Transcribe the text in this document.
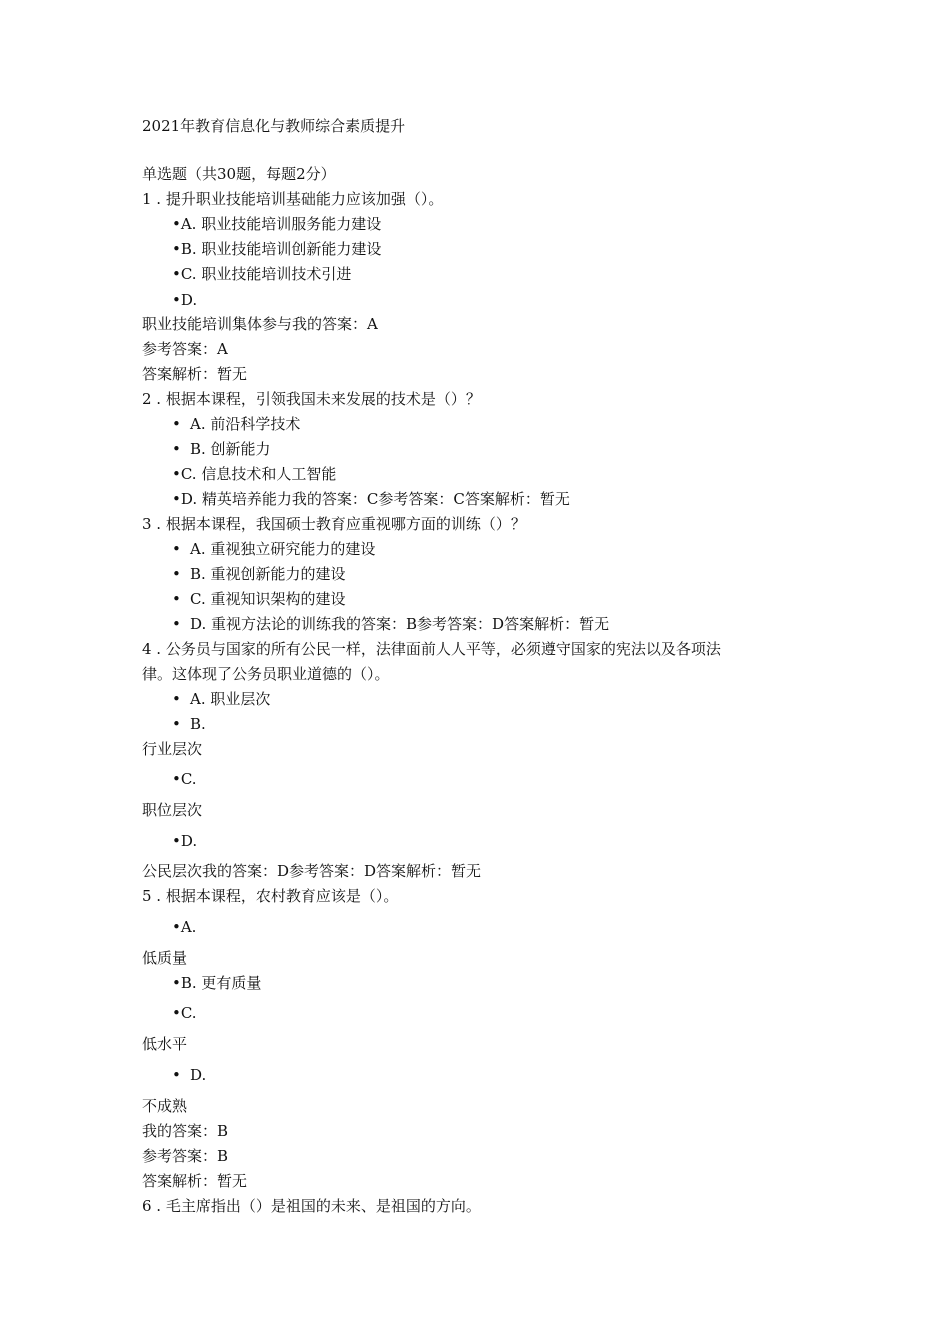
2021年教育信息化与教师综合素质提升
单选题（共30题，每题2分）
1 . 提升职业技能培训基础能力应该加强（）。
•A. 职业技能培训服务能力建设
•B. 职业技能培训创新能力建设
•C. 职业技能培训技术引进
•D.
职业技能培训集体参与我的答案：A
参考答案：A
答案解析：暂无
2 . 根据本课程，引领我国未来发展的技术是（）？
• A. 前沿科学技术
• B. 创新能力
•C. 信息技术和人工智能
•D. 精英培养能力我的答案：C参考答案：C答案解析：暂无
3 . 根据本课程，我国硕士教育应重视哪方面的训练（）？
• A. 重视独立研究能力的建设
• B. 重视创新能力的建设
• C. 重视知识架构的建设
• D. 重视方法论的训练我的答案：B参考答案：D答案解析：暂无
4 . 公务员与国家的所有公民一样，法律面前人人平等，必须遵守国家的宪法以及各项法
律。这体现了公务员职业道德的（）。
• A. 职业层次
• B.
行业层次
•C.
职位层次
•D.
公民层次我的答案：D参考答案：D答案解析：暂无
5 . 根据本课程，农村教育应该是（）。
•A.
低质量
•B. 更有质量
•C.
低水平
• D.
不成熟
我的答案：B
参考答案：B
答案解析：暂无
6 . 毛主席指出（）是祖国的未来、是祖国的方向。
